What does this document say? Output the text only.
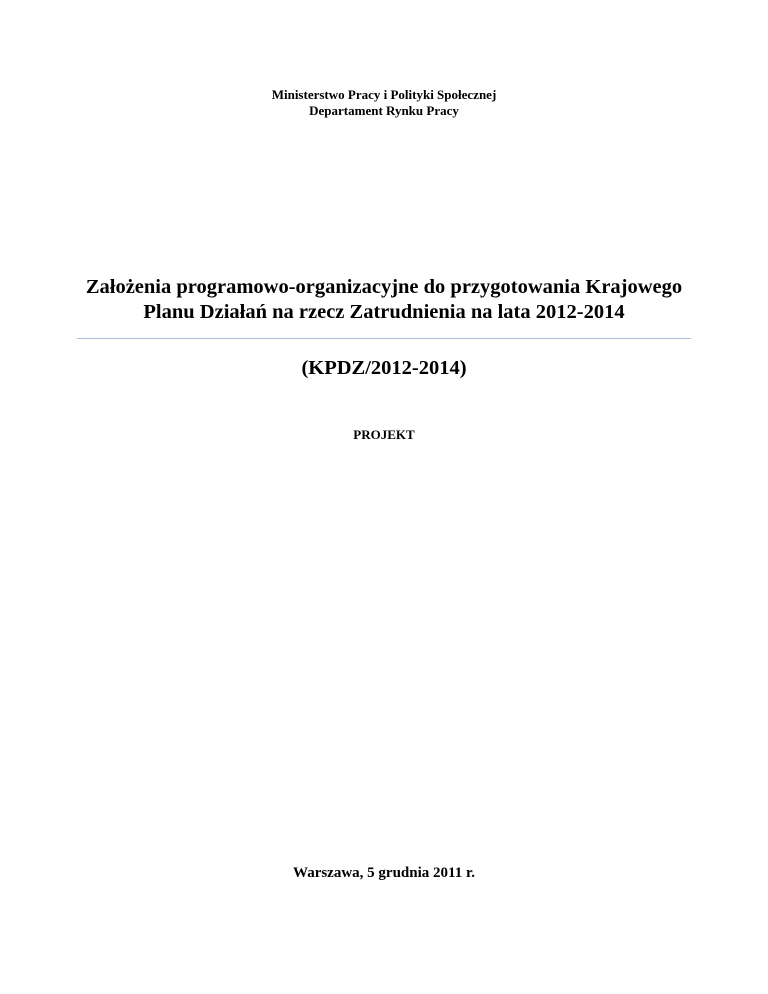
Ministerstwo Pracy i Polityki Społecznej
Departament Rynku Pracy
Założenia programowo-organizacyjne do przygotowania Krajowego
Planu Działań na rzecz Zatrudnienia na lata 2012-2014
(KPDZ/2012-2014)
PROJEKT
Warszawa, 5 grudnia 2011 r.
